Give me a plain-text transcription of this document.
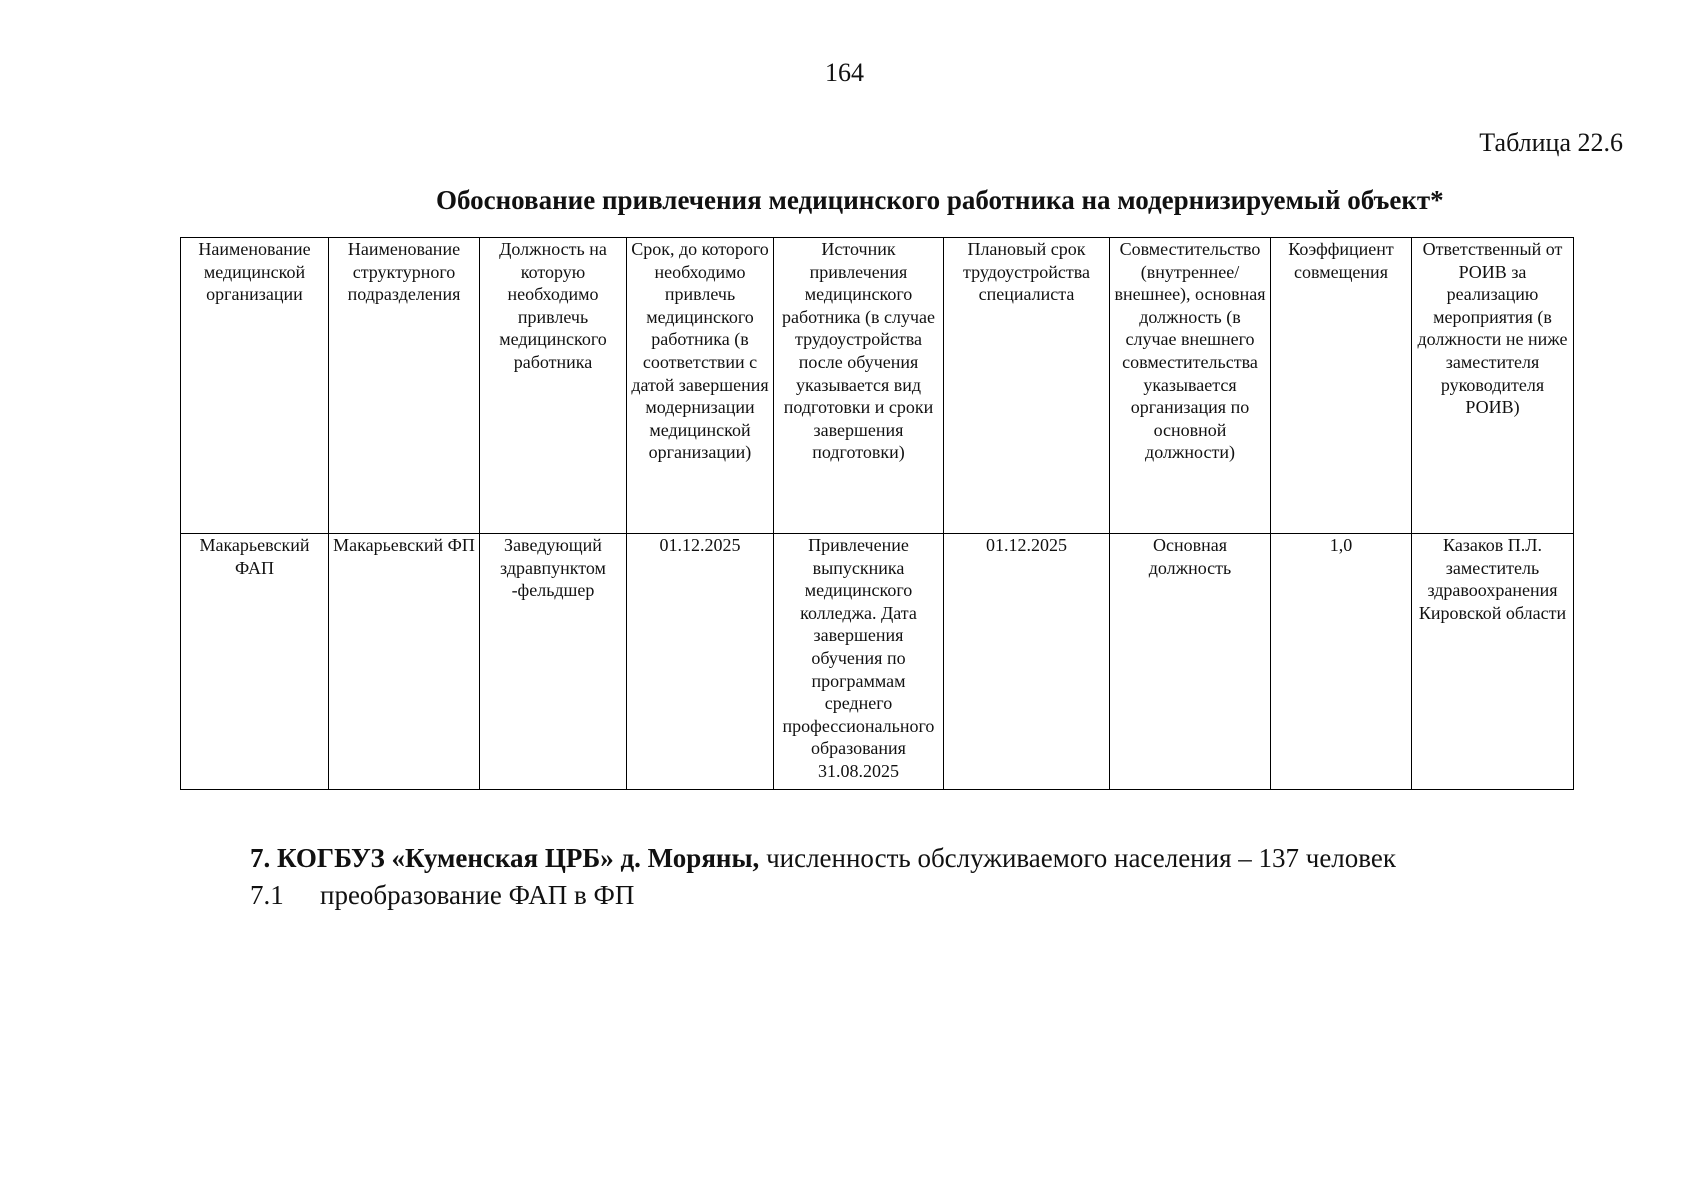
164
Таблица 22.6
Обоснование привлечения медицинского работника на модернизируемый объект*
Наименование медицинской организации	Наименование структурного подразделения	Должность на которую необходимо привлечь медицинского работника	Срок, до которого необходимо привлечь медицинского работника (в соответствии с датой завершения модернизации медицинской организации)	Источник привлечения медицинского работника (в случае трудоустройства после обучения указывается вид подготовки и сроки завершения подготовки)	Плановый срок трудоустройства специалиста	Совместительство (внутреннее/внешнее), основная должность (в случае внешнего совместительства указывается организация по основной должности)	Коэффициент совмещения	Ответственный от РОИВ за реализацию мероприятия (в должности не ниже заместителя руководителя РОИВ)
Макарьевский ФАП	Макарьевский ФП	Заведующий здравпунктом -фельдшер	01.12.2025	Привлечение выпускника медицинского колледжа. Дата завершения обучения по программам среднего профессионального образования 31.08.2025	01.12.2025	Основная должность	1,0	Казаков П.Л. заместитель здравоохранения Кировской области
7. КОГБУЗ «Куменская ЦРБ» д. Моряны, численность обслуживаемого населения – 137 человек
7.1 преобразование ФАП в ФП
